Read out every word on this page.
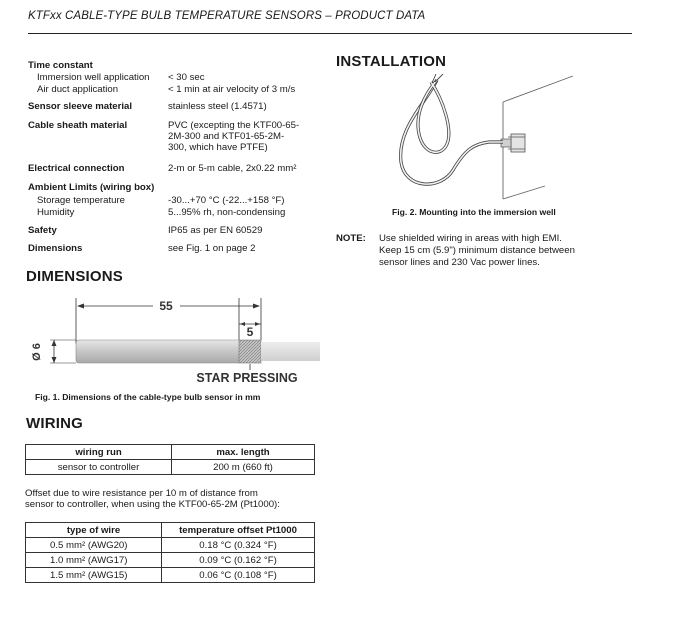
KTFxx CABLE-TYPE BULB TEMPERATURE SENSORS – PRODUCT DATA
Time constant
Immersion well application < 30 sec
Air duct application	< 1 min at air velocity of 3 m/s
Sensor sleeve material	stainless steel (1.4571)
Cable sheath material	PVC (excepting the KTF00-65-
2M-300 and KTF01-65-2M-
300, which have PTFE)
Electrical connection	2-m or 5-m cable, 2x0.22 mm²
Ambient Limits (wiring box)
Storage temperature	-30...+70 °C (-22...+158 °F)
Humidity	5...95% rh, non-condensing
Safety	IP65 as per EN 60529
Dimensions	see Fig. 1 on page 2
DIMENSIONS
55
5
Ø 6
STAR PRESSING
Fig. 1. Dimensions of the cable-type bulb sensor in mm
WIRING
wiring run	max. length
sensor to controller	200 m (660 ft)
Offset due to wire resistance per 10 m of distance from
sensor to controller, when using the KTF00-65-2M (Pt1000):
type of wire	temperature offset Pt1000
0.5 mm² (AWG20)	0.18 °C (0.324 °F)
1.0 mm² (AWG17)	0.09 °C (0.162 °F)
1.5 mm² (AWG15)	0.06 °C (0.108 °F)
INSTALLATION
Fig. 2. Mounting into the immersion well
NOTE: Use shielded wiring in areas with high EMI.
Keep 15 cm (5.9") minimum distance between
sensor lines and 230 Vac power lines.
